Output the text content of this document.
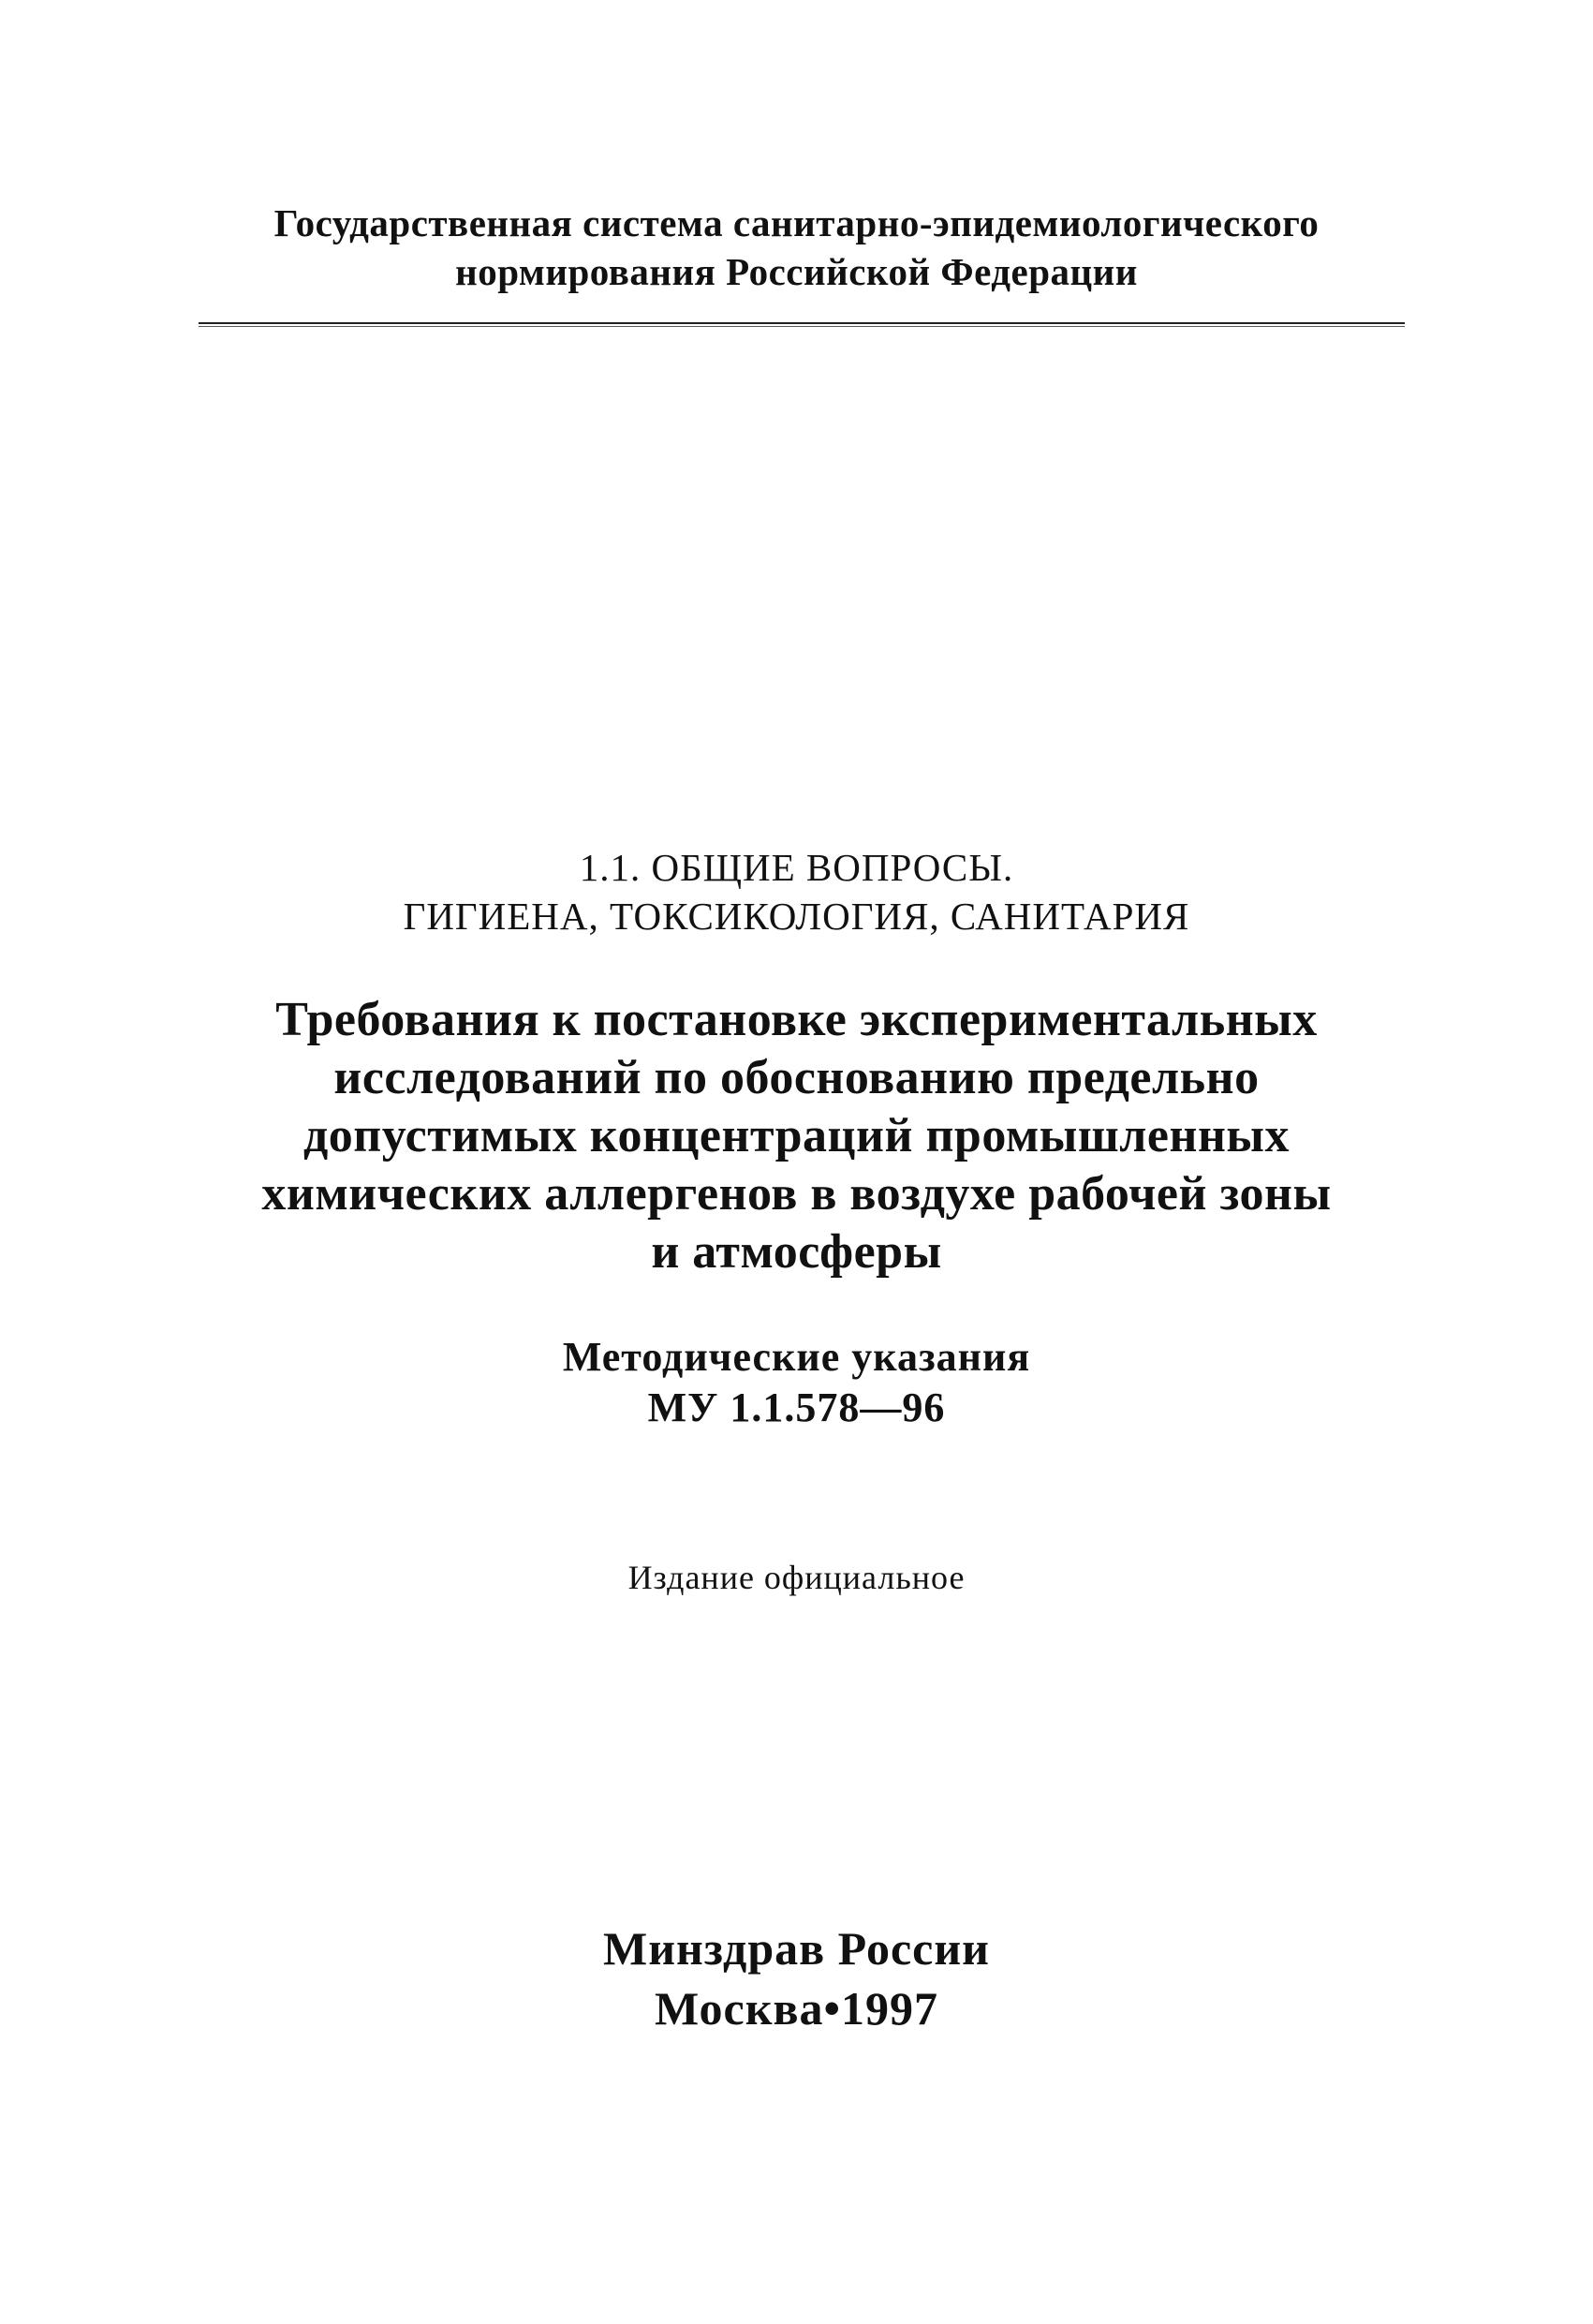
Государственная система санитарно-эпидемиологического
нормирования Российской Федерации
1.1. ОБЩИЕ ВОПРОСЫ.
ГИГИЕНА, ТОКСИКОЛОГИЯ, САНИТАРИЯ
Требования к постановке экспериментальных
исследований по обоснованию предельно
допустимых концентраций промышленных
химических аллергенов в воздухе рабочей зоны
и атмосферы
Методические указания
МУ 1.1.578—96
Издание официальное
Минздрав России
Москва•1997
